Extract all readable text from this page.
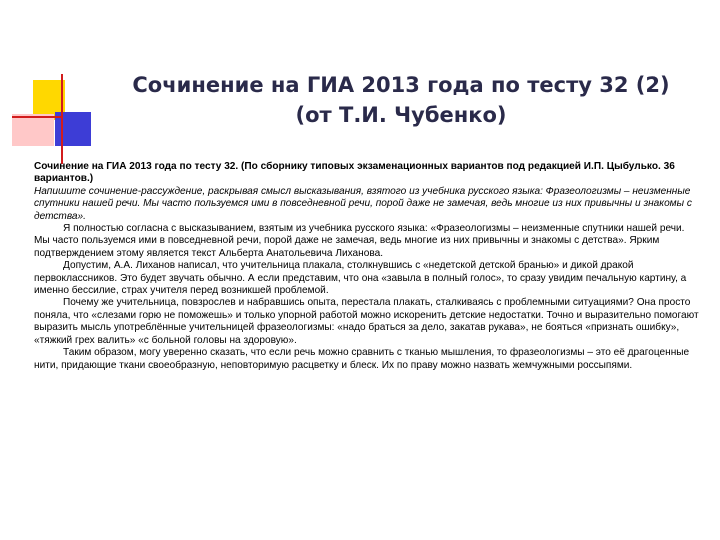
Сочинение на ГИА 2013 года по тесту 32 (2)
(от Т.И. Чубенко)

Сочинение на ГИА 2013 года по тесту 32. (По сборнику типовых экзаменационных вариантов под редакцией И.П. Цыбулько. 36 вариантов.)

Напишите сочинение-рассуждение, раскрывая смысл высказывания, взятого из учебника русского языка: Фразеологизмы – неизменные спутники нашей речи. Мы часто пользуемся ими в повседневной речи, порой даже не замечая, ведь многие из них привычны и знакомы с детства».

Я полностью согласна с высказыванием, взятым из учебника русского языка: «Фразеологизмы – неизменные спутники нашей речи. Мы часто пользуемся ими в повседневной речи, порой даже не замечая, ведь многие из них привычны и знакомы с детства». Ярким подтверждением этому является текст Альберта Анатольевича Лиханова.

Допустим, А.А. Лиханов написал, что учительница плакала, столкнувшись с «недетской детской бранью» и дикой дракой первоклассников. Это будет звучать обычно. А если представим, что она «завыла в полный голос», то сразу увидим печальную картину, а именно бессилие, страх учителя перед возникшей проблемой.

Почему же учительница, повзрослев и набравшись опыта, перестала плакать, сталкиваясь с проблемными ситуациями? Она просто поняла, что «слезами горю не поможешь» и только упорной работой можно искоренить детские недостатки. Точно и выразительно помогают выразить мысль употреблённые учительницей фразеологизмы: «надо браться за дело, закатав рукава», не бояться «признать ошибку», «тяжкий грех валить» «с больной головы на здоровую».

Таким образом, могу уверенно сказать, что если речь можно сравнить с тканью мышления, то фразеологизмы – это её драгоценные нити, придающие ткани своеобразную, неповторимую расцветку и блеск. Их по праву можно назвать жемчужными россыпями.
